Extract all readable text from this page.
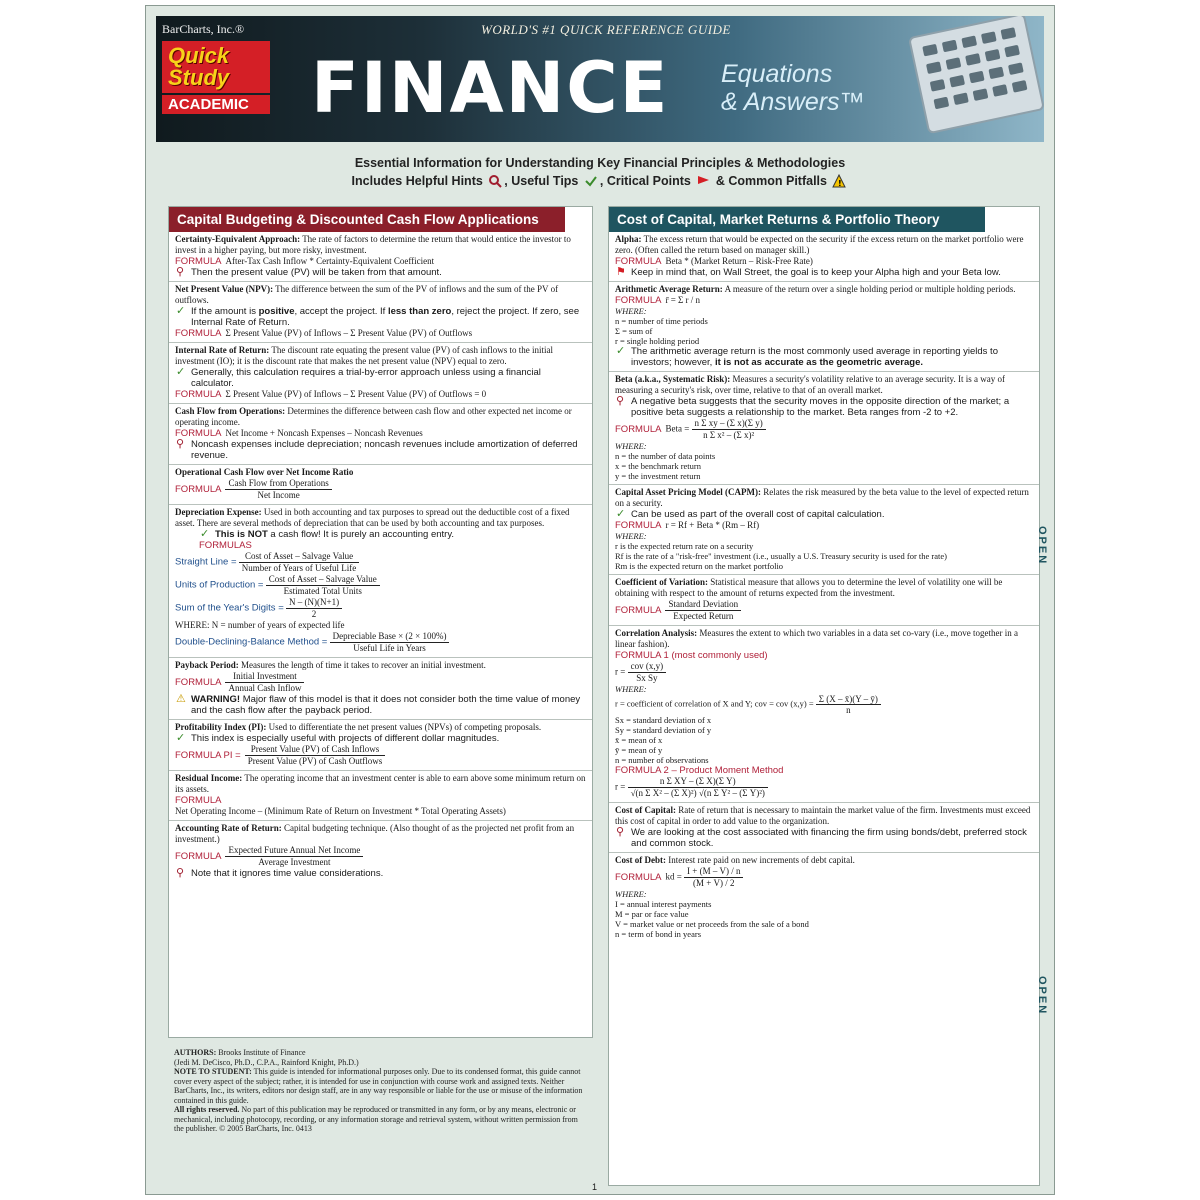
BarCharts, Inc.®
Quick
Study
ACADEMIC
WORLD'S #1 QUICK REFERENCE GUIDE
FINANCE Equations
& Answers™
Essential Information for Understanding Key Financial Principles & Methodologies
Includes Helpful Hints , Useful Tips , Critical Points & Common Pitfalls !
Capital Budgeting & Discounted Cash Flow Applications
Certainty-Equivalent Approach: The rate of factors to determine the return that would entice the investor to invest in a higher paying, but more risky, investment.
FORMULA After-Tax Cash Inflow * Certainty-Equivalent Coefficient
⚲ Then the present value (PV) will be taken from that amount.
Net Present Value (NPV): The difference between the sum of the PV of inflows and the sum of the PV of outflows.
✓ If the amount is positive, accept the project. If less than zero, reject the project. If zero, see Internal Rate of Return.
FORMULA Σ Present Value (PV) of Inflows – Σ Present Value (PV) of Outflows
Internal Rate of Return: The discount rate equating the present value (PV) of cash inflows to the initial investment (IO); it is the discount rate that makes the net present value (NPV) equal to zero.
✓ Generally, this calculation requires a trial-by-error approach unless using a financial calculator.
FORMULA Σ Present Value (PV) of Inflows – Σ Present Value (PV) of Outflows = 0
Cash Flow from Operations: Determines the difference between cash flow and other expected net income or operating income.
FORMULA Net Income + Noncash Expenses – Noncash Revenues
⚲ Noncash expenses include depreciation; noncash revenues include amortization of deferred revenue.
Operational Cash Flow over Net Income Ratio
FORMULA $\frac{\text{Cash Flow from Operations}}{\text{Net Income}}$
Depreciation Expense: Used in both accounting and tax purposes to spread out the deductible cost of a fixed asset. There are several methods of depreciation that can be used by both accounting and tax purposes.
✓ This is NOT a cash flow! It is purely an accounting entry.
FORMULAS
Straight Line = $\frac{\text{Cost of Asset – Salvage Value}}{\text{Number of Years of Useful Life}}$
Units of Production = $\frac{\text{Cost of Asset – Salvage Value}}{\text{Estimated Total Units}}$
Sum of the Year's Digits = $\frac{N - (N)(N+1)}{2}$
WHERE: N = number of years of expected life
Double-Declining-Balance Method = $\frac{\text{Depreciable Base × (2 × 100\%)}}{\text{Useful Life in Years}}$
Payback Period: Measures the length of time it takes to recover an initial investment.
FORMULA $\frac{\text{Initial Investment}}{\text{Annual Cash Inflow}}$
⚠ WARNING! Major flaw of this model is that it does not consider both the time value of money and the cash flow after the payback period.
Profitability Index (PI): Used to differentiate the net present values (NPVs) of competing proposals.
✓ This index is especially useful with projects of different dollar magnitudes.
FORMULA PI = $\frac{\text{Present Value (PV) of Cash Inflows}}{\text{Present Value (PV) of Cash Outflows}}$
Residual Income: The operating income that an investment center is able to earn above some minimum return on its assets.
FORMULA
Net Operating Income – (Minimum Rate of Return on Investment * Total Operating Assets)
Accounting Rate of Return: Capital budgeting technique. (Also thought of as the projected net profit from an investment.)
FORMULA $\frac{\text{Expected Future Annual Net Income}}{\text{Average Investment}}$
⚲ Note that it ignores time value considerations.
AUTHORS: Brooks Institute of Finance
(Jedi M. DeCisco, Ph.D., C.P.A., Rainford Knight, Ph.D.)
NOTE TO STUDENT: This guide is intended for informational purposes only. Due to its condensed format, this guide cannot cover every aspect of the subject; rather, it is intended for use in conjunction with course work and assigned texts. Neither BarCharts, Inc., its writers, editors nor design staff, are in any way responsible or liable for the use or misuse of the information contained in this guide.
All rights reserved. No part of this publication may be reproduced or transmitted in any form, or by any means, electronic or mechanical, including photocopy, recording, or any information storage and retrieval system, without written permission from the publisher. © 2005 BarCharts, Inc. 0413
Cost of Capital, Market Returns & Portfolio Theory
Alpha: The excess return that would be expected on the security if the excess return on the market portfolio were zero. (Often called the return based on manager skill.)
FORMULA Beta * (Market Return – Risk-Free Rate)
⚑ Keep in mind that, on Wall Street, the goal is to keep your Alpha high and your Beta low.
Arithmetic Average Return: A measure of the return over a single holding period or multiple holding periods.
FORMULA r̄ = Σ r / n
WHERE:
n = number of time periods
Σ = sum of
r = single holding period
✓ The arithmetic average return is the most commonly used average in reporting yields to investors; however, it is not as accurate as the geometric average.
Beta (a.k.a., Systematic Risk): Measures a security's volatility relative to an average security. It is a way of measuring a security's risk, over time, relative to that of an overall market.
⚲ A negative beta suggests that the security moves in the opposite direction of the market; a positive beta suggests a relationship to the market. Beta ranges from -2 to +2.
FORMULA Beta = $\frac{\text{n Σ xy – (Σ x)(Σ y)}}{\text{n Σ x² – (Σ x)²}}$
WHERE:
n = the number of data points
x = the benchmark return
y = the investment return
Capital Asset Pricing Model (CAPM): Relates the risk measured by the beta value to the level of expected return on a security.
✓ Can be used as part of the overall cost of capital calculation.
FORMULA r = Rf + Beta * (Rm – Rf)
WHERE:
r is the expected return rate on a security
Rf is the rate of a "risk-free" investment (i.e., usually a U.S. Treasury security is used for the rate)
Rm is the expected return on the market portfolio
Coefficient of Variation: Statistical measure that allows you to determine the level of volatility one will be obtaining with respect to the amount of returns expected from the investment.
FORMULA $\frac{\text{Standard Deviation}}{\text{Expected Return}}$
Correlation Analysis: Measures the extent to which two variables in a data set co-vary (i.e., move together in a linear fashion).
FORMULA 1 (most commonly used)
$r = \frac{\text{cov (x,y)}}{\text{Sx Sy}}$
WHERE:
r = coefficient of correlation of X and Y; cov = cov $(x,y) = \frac{\Sigma (X - x̄)(Y - ȳ)}{n}$

Sx = standard deviation of x
Sy = standard deviation of y
x̄ = mean of x
ȳ = mean of y
n = number of observations
FORMULA 2 – Product Moment Method
$r = \frac{\text{n Σ XY – (Σ X)(Σ Y)}}{\text{√(n Σ X² – (Σ X)²) √(n Σ Y² – (Σ Y)²)}}$
Cost of Capital: Rate of return that is necessary to maintain the market value of the firm. Investments must exceed this cost of capital in order to add value to the organization.
⚲ We are looking at the cost associated with financing the firm using bonds/debt, preferred stock and common stock.
Cost of Debt: Interest rate paid on new increments of debt capital.
FORMULA kd = $\frac{I + (M - V) / n}{(M + V) / 2}$
WHERE:
I = annual interest payments
M = par or face value
V = market value or net proceeds from the sale of a bond
n = term of bond in years
OPEN
OPEN
1
